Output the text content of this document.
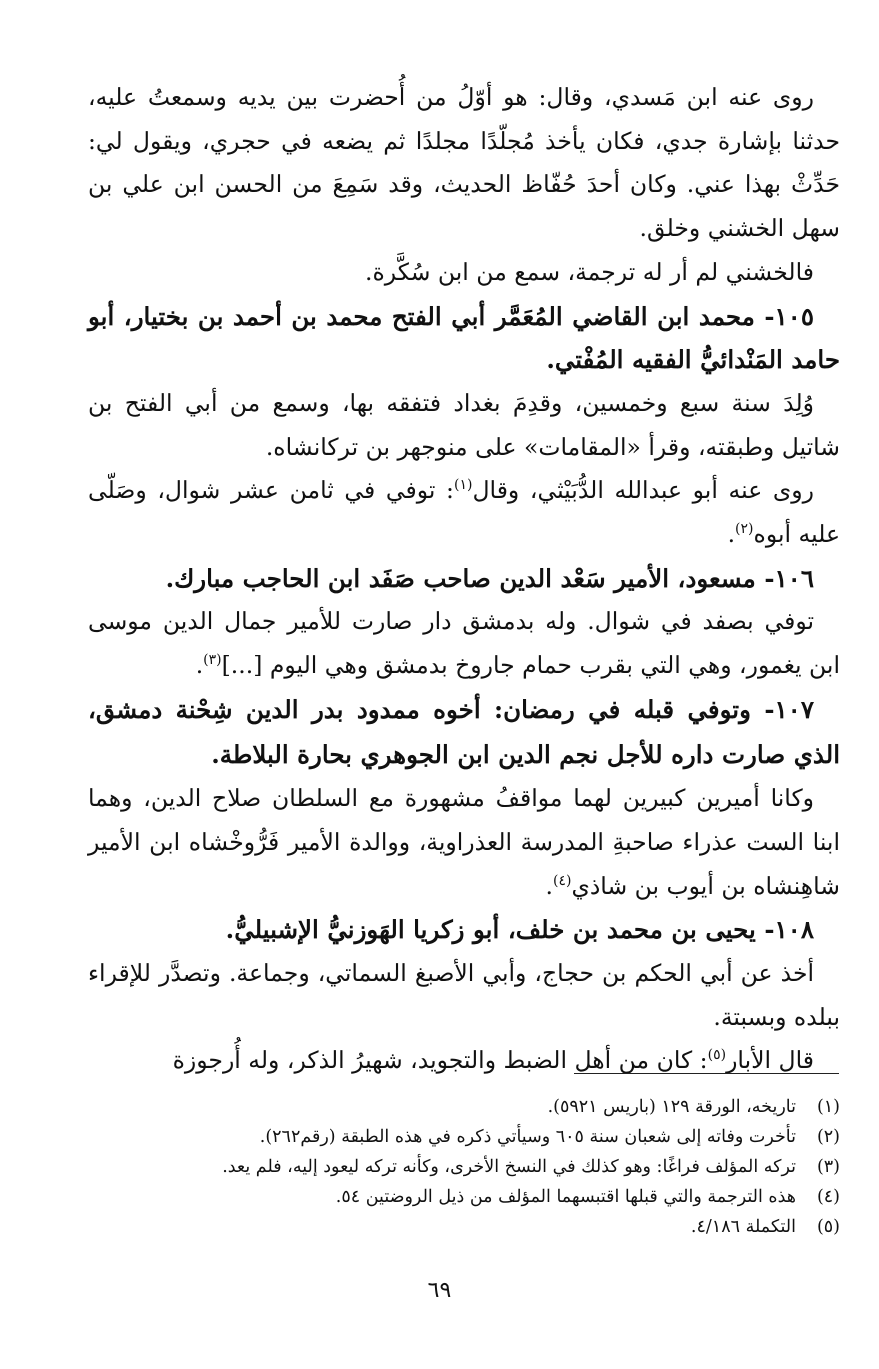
روى عنه ابن مَسدي، وقال: هو أوّلُ من أُحضرت بين يديه وسمعتُ عليه، حدثنا بإشارة جدي، فكان يأخذ مُجلّدًا مجلدًا ثم يضعه في حجري، ويقول لي: حَدِّثْ بهذا عني. وكان أحدَ حُفّاظ الحديث، وقد سَمِعَ من الحسن ابن علي بن سهل الخشني وخلق.

فالخشني لم أر له ترجمة، سمع من ابن سُكَّرة.

١٠٥- محمد ابن القاضي المُعَمَّر أبي الفتح محمد بن أحمد بن بختيار، أبو حامد المَنْدائيُّ الفقيه المُفْتي.

وُلِدَ سنة سبع وخمسين، وقدِمَ بغداد فتفقه بها، وسمع من أبي الفتح بن شاتيل وطبقته، وقرأ «المقامات» على منوجهر بن تركانشاه.

روى عنه أبو عبدالله الدُّبَيْثي، وقال$^{(١)}$: توفي في ثامن عشر شوال، وصَلّى عليه أبوه$^{(٢)}$.

١٠٦- مسعود، الأمير سَعْد الدين صاحب صَفَد ابن الحاجب مبارك.

توفي بصفد في شوال. وله بدمشق دار صارت للأمير جمال الدين موسى ابن يغمور، وهي التي بقرب حمام جاروخ بدمشق وهي اليوم [...]$^{(٣)}$.

١٠٧- وتوفي قبله في رمضان: أخوه ممدود بدر الدين شِحْنة دمشق، الذي صارت داره للأجل نجم الدين ابن الجوهري بحارة البلاطة.

وكانا أميرين كبيرين لهما مواقفُ مشهورة مع السلطان صلاح الدين، وهما ابنا الست عذراء صاحبةِ المدرسة العذراوية، ووالدة الأمير فَرُّوخْشاه ابن الأمير شاهِنشاه بن أيوب بن شاذي$^{(٤)}$.

١٠٨- يحيى بن محمد بن خلف، أبو زكريا الهَوزنيُّ الإشبيليُّ.

أخذ عن أبي الحكم بن حجاج، وأبي الأصبغ السماتي، وجماعة. وتصدَّر للإقراء ببلده وبسبتة.

قال الأبار$^{(٥)}$: كان من أهل الضبط والتجويد، شهيرُ الذكر، وله أُرجوزة

(١)تاريخه، الورقة ١٢٩ (باريس ٥٩٢١).
(٢)تأخرت وفاته إلى شعبان سنة ٦٠٥ وسيأتي ذكره في هذه الطبقة (رقم٢٦٢).
(٣)تركه المؤلف فراغًا: وهو كذلك في النسخ الأخرى، وكأنه تركه ليعود إليه، فلم يعد.
(٤)هذه الترجمة والتي قبلها اقتبسهما المؤلف من ذيل الروضتين ٥٤.
(٥)التكملة ٤/١٨٦.
٦٩
